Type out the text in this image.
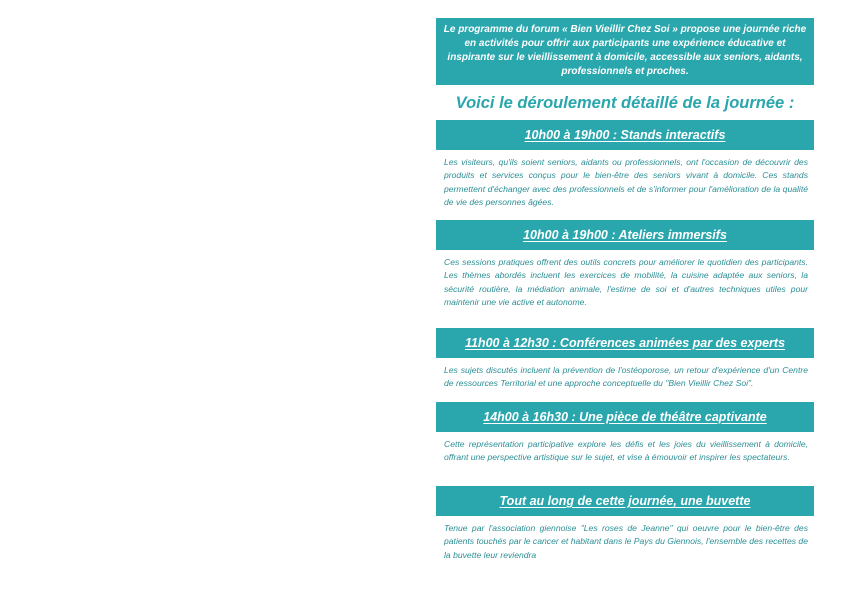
Le programme du forum « Bien Vieillir Chez Soi » propose une journée riche en activités pour offrir aux participants une expérience éducative et inspirante sur le vieillissement à domicile, accessible aux seniors, aidants, professionnels et proches.
Voici le déroulement détaillé de la journée :
10h00 à 19h00 : Stands interactifs
Les visiteurs, qu'ils soient seniors, aidants ou professionnels, ont l'occasion de découvrir des produits et services conçus pour le bien-être des seniors vivant à domicile. Ces stands permettent d'échanger avec des professionnels et de s'informer pour l'amélioration de la qualité de vie des personnes âgées.
10h00 à 19h00 : Ateliers immersifs
Ces sessions pratiques offrent des outils concrets pour améliorer le quotidien des participants. Les thèmes abordés incluent les exercices de mobilité, la cuisine adaptée aux seniors, la sécurité routière, la médiation animale, l'estime de soi et d'autres techniques utiles pour maintenir une vie active et autonome.
11h00 à 12h30 : Conférences animées par des experts
Les sujets discutés incluent la prévention de l'ostéoporose, un retour d'expérience d'un Centre de ressources Territorial et une approche conceptuelle du "Bien Vieillir Chez Soi".
14h00 à 16h30 : Une pièce de théâtre captivante
Cette représentation participative explore les défis et les joies du vieillissement à domicile, offrant une perspective artistique sur le sujet, et vise à émouvoir et inspirer les spectateurs.
Tout au long de cette journée, une buvette
Tenue par l'association giennoise "Les roses de Jeanne" qui oeuvre pour le bien-être des patients touchés par le cancer et habitant dans le Pays du Giennois, l'ensemble des recettes de la buvette leur reviendra
